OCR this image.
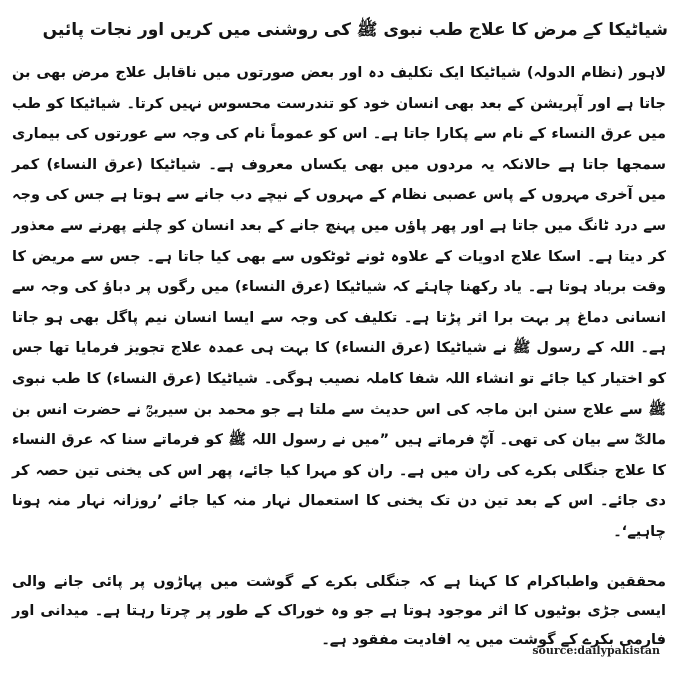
شیاٹیکا کے مرض کا علاج طب نبوی ﷺ کی روشنی میں کریں اور نجات پائیں

لاہور (نظام الدولہ) شیاٹیکا ایک تکلیف دہ اور بعض صورتوں میں ناقابل علاج مرض بھی بن جاتا ہے اور آپریشن کے بعد بھی انسان خود کو تندرست محسوس نہیں کرتا۔ شیاٹیکا کو طب میں عرق النساء کے نام سے پکارا جاتا ہے۔ اس کو عموماً نام کی وجہ سے عورتوں کی بیماری سمجھا جاتا ہے حالانکہ یہ مردوں میں بھی یکساں معروف ہے۔ شیاٹیکا (عرق النساء) کمر میں آخری مہروں کے پاس عصبی نظام کے مہروں کے نیچے دب جانے سے ہوتا ہے جس کی وجہ سے درد ٹانگ میں جاتا ہے اور پھر پاؤں میں پہنچ جانے کے بعد انسان کو چلنے پھرنے سے معذور کر دیتا ہے۔ اسکا علاج ادویات کے علاوہ ٹونے ٹوٹکوں سے بھی کیا جاتا ہے۔ جس سے مریض کا وقت برباد ہوتا ہے۔ یاد رکھنا چاہئے کہ شیاٹیکا (عرق النساء) میں رگوں پر دباؤ کی وجہ سے انسانی دماغ پر بہت برا اثر پڑتا ہے۔ تکلیف کی وجہ سے ایسا انسان نیم پاگل بھی ہو جاتا ہے۔ اللہ کے رسول ﷺ نے شیاٹیکا (عرق النساء) کا بہت ہی عمدہ علاج تجویز فرمایا تھا جس کو اختیار کیا جائے تو انشاء اللہ شفا کاملہ نصیب ہوگی۔ شیاٹیکا (عرق النساء) کا طب نبوی ﷺ سے علاج سنن ابن ماجہ کی اس حدیث سے ملتا ہے جو محمد بن سیرینؒ نے حضرت انس بن مالکؓ سے بیان کی تھی۔ آپؓ فرماتے ہیں ”میں نے رسول اللہ ﷺ کو فرماتے سنا کہ عرق النساء کا علاج جنگلی بکرے کی ران میں ہے۔ ران کو مہرا کیا جائے، پھر اس کی یخنی تین حصہ کر دی جائے۔ اس کے بعد تین دن تک یخنی کا استعمال نہار منہ کیا جائے ’روزانہ نہار منہ ہونا چاہیے‘۔

محققین واطباکرام کا کہنا ہے کہ جنگلی بکرے کے گوشت میں پہاڑوں پر پائی جانے والی ایسی جڑی بوٹیوں کا اثر موجود ہوتا ہے جو وہ خوراک کے طور پر چرتا رہتا ہے۔ میدانی اور فارمی بکرے کے گوشت میں یہ افادیت مفقود ہے۔

source:dailypakistan
